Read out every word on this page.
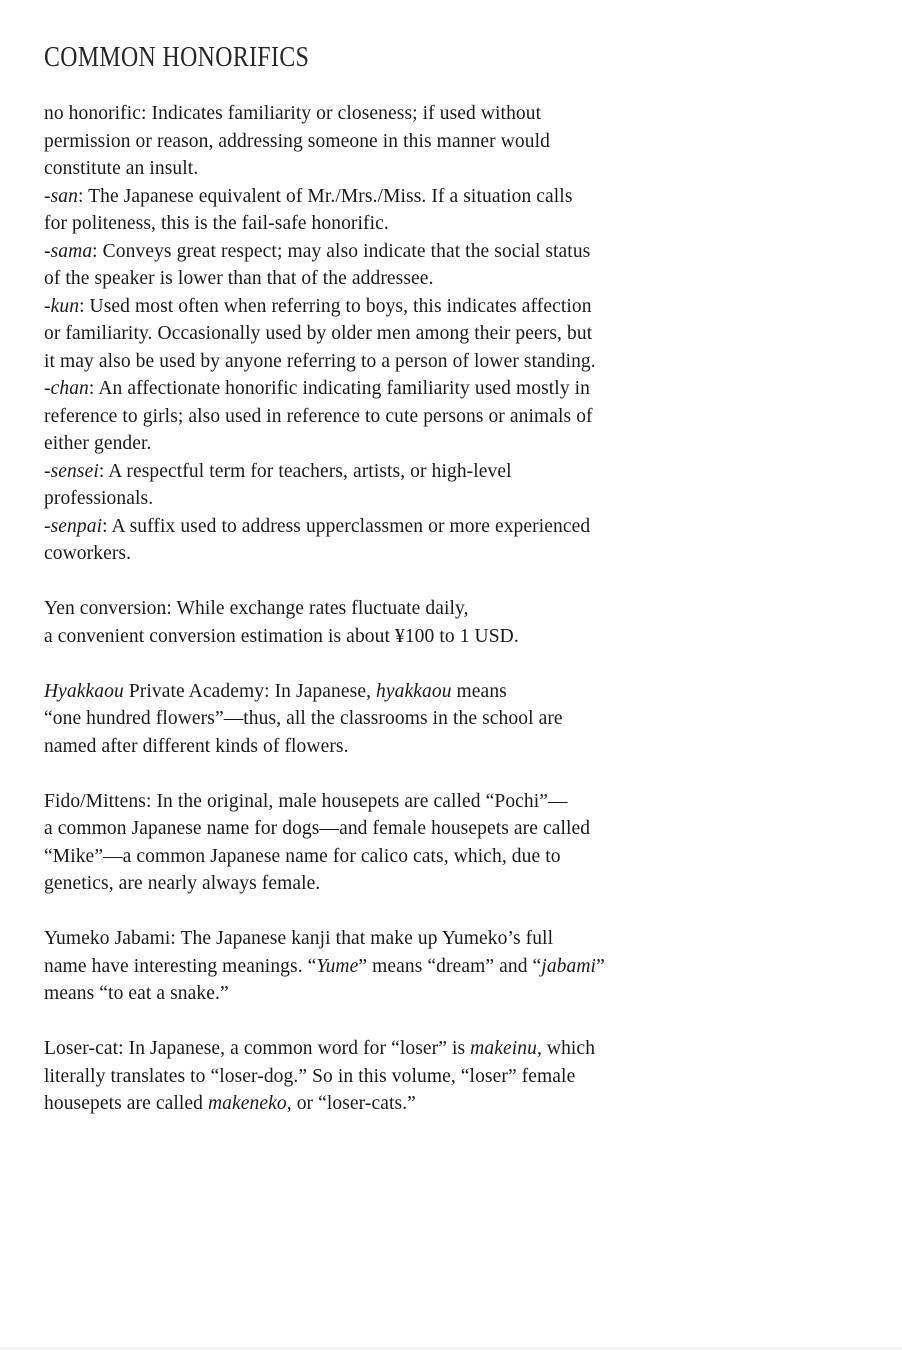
COMMON HONORIFICS

no honorific: Indicates familiarity or closeness; if used without
permission or reason, addressing someone in this manner would
constitute an insult.
-san: The Japanese equivalent of Mr./Mrs./Miss. If a situation calls
for politeness, this is the fail-safe honorific.
-sama: Conveys great respect; may also indicate that the social status
of the speaker is lower than that of the addressee.
-kun: Used most often when referring to boys, this indicates affection
or familiarity. Occasionally used by older men among their peers, but
it may also be used by anyone referring to a person of lower standing.
-chan: An affectionate honorific indicating familiarity used mostly in
reference to girls; also used in reference to cute persons or animals of
either gender.
-sensei: A respectful term for teachers, artists, or high-level
professionals.
-senpai: A suffix used to address upperclassmen or more experienced
coworkers.

Yen conversion: While exchange rates fluctuate daily,
a convenient conversion estimation is about ¥100 to 1 USD.

Hyakkaou Private Academy: In Japanese, hyakkaou means
“one hundred flowers”—thus, all the classrooms in the school are
named after different kinds of flowers.

Fido/Mittens: In the original, male housepets are called “Pochi”—
a common Japanese name for dogs—and female housepets are called
“Mike”—a common Japanese name for calico cats, which, due to
genetics, are nearly always female.

Yumeko Jabami: The Japanese kanji that make up Yumeko’s full
name have interesting meanings. “Yume” means “dream” and “jabami”
means “to eat a snake.”

Loser-cat: In Japanese, a common word for “loser” is makeinu, which
literally translates to “loser-dog.” So in this volume, “loser” female
housepets are called makeneko, or “loser-cats.”
